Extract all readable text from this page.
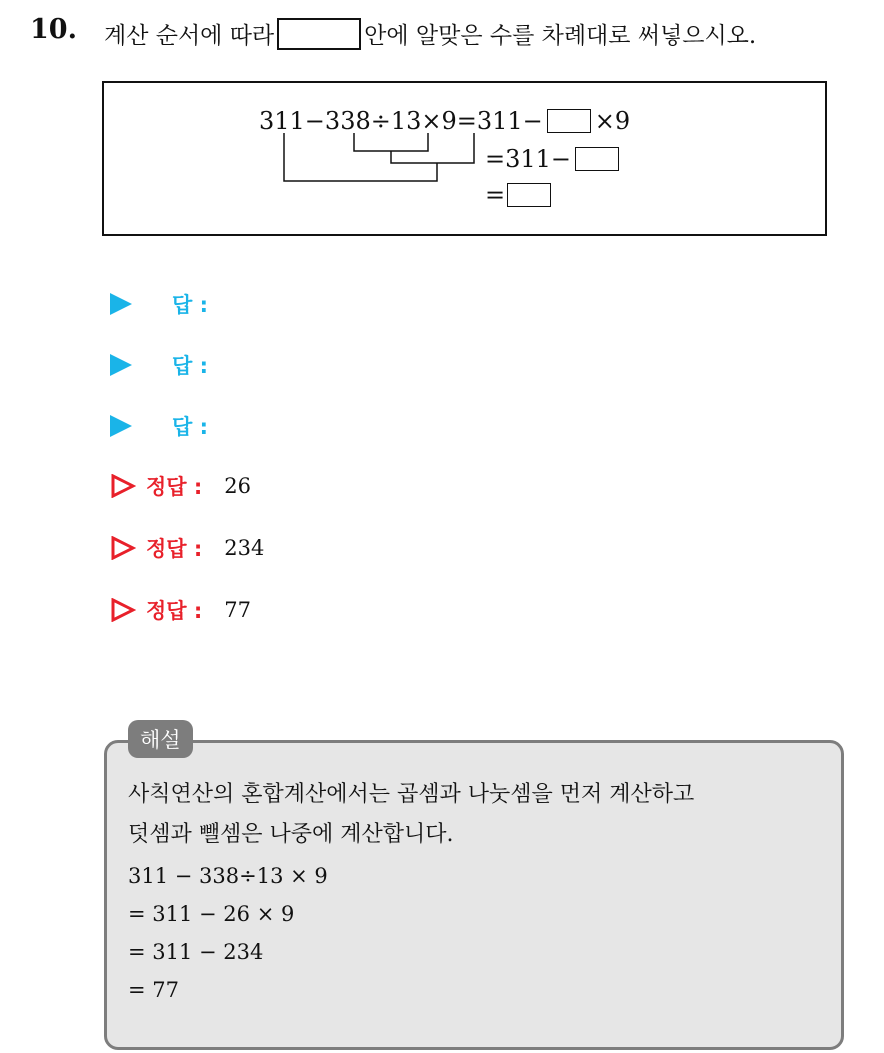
10. 계산 순서에 따라	안에 알맞은 수를 차례대로 써넣으시오.
311−338÷13×9 =311− ×9
=311−
=
답 :
답 :
답 :
정답 : 26
정답 : 234
정답 : 77
해설
사칙연산의 혼합계산에서는 곱셈과 나눗셈을 먼저 계산하고
덧셈과 뺄셈은 나중에 계산합니다.
311 − 338÷13 × 9
= 311 − 26 × 9
= 311 − 234
= 77
